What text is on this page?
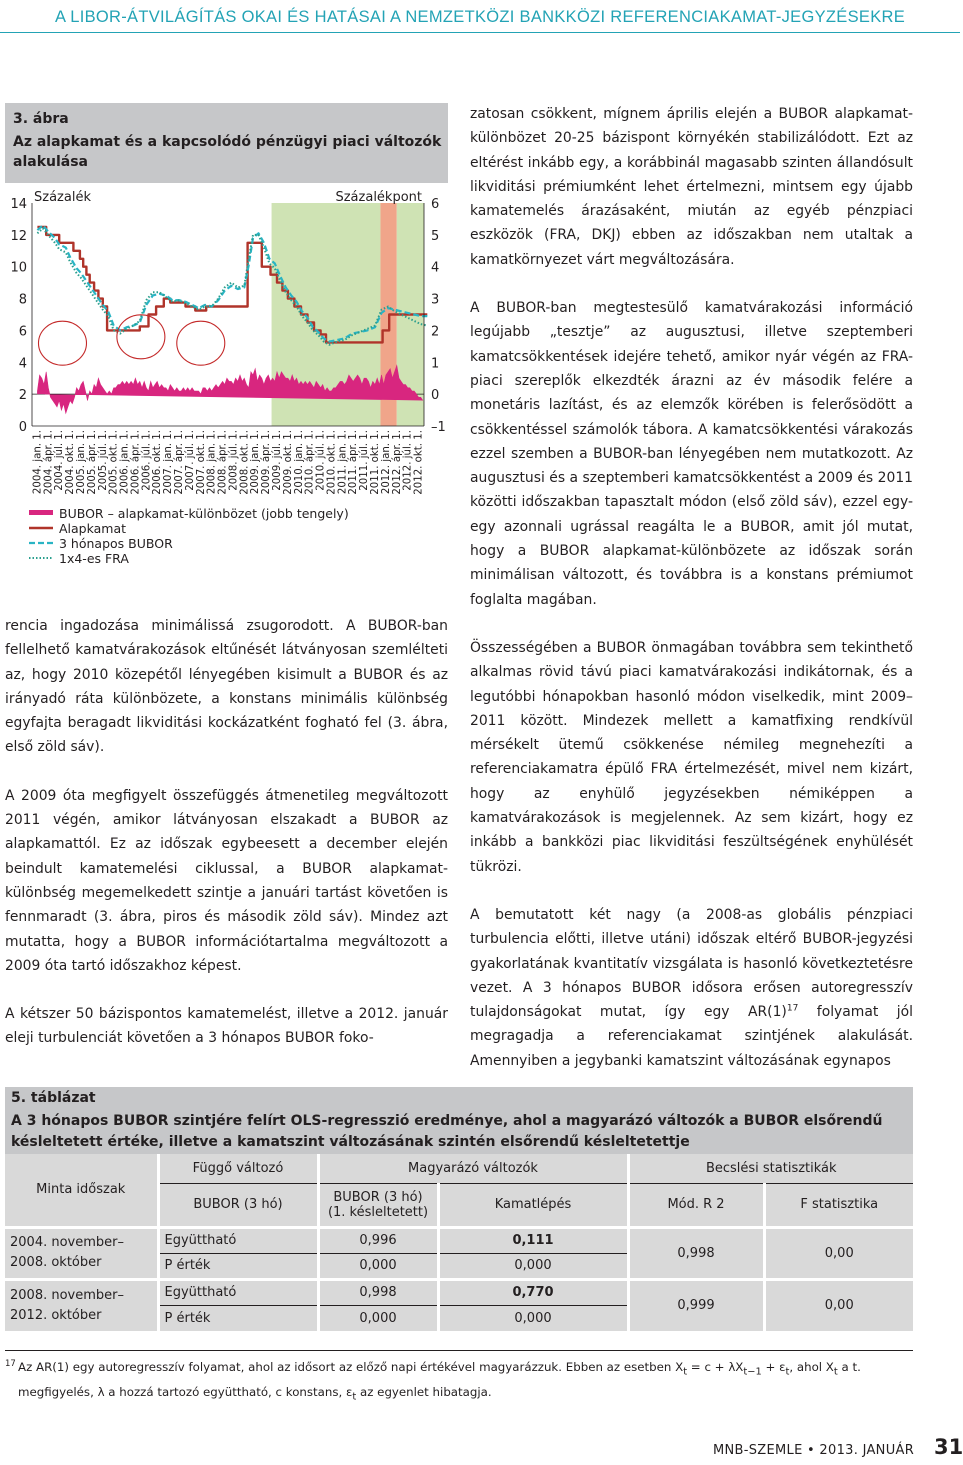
A LIBOR-ÁTVILÁGÍTÁS OKAI ÉS HATÁSAI A NEMZETKÖZI BANKKÖZI REFERENCIAKAMAT-JEGYZÉSEKRE
3. ábra
Az alapkamat és a kapcsolódó pénzügyi piaci változók alakulása
14
12
10
8
6
4
2
0
6
5
4
3
2
1
0
–1
Százalék	Százalékpont
2004. jan. 1. 2004. ápr. 1. 2004. júl. 1. 2004. okt. 1. 2005. jan. 1. 2005. ápr. 1. 2005. júl. 1. 2005. okt. 1. 2006. jan. 1. 2006. ápr. 1. 2006. júl. 1. 2006. okt. 1. 2007. jan. 1. 2007. ápr. 1. 2007. júl. 1. 2007. okt. 1. 2008. jan. 1. 2008. ápr. 1. 2008. júl. 1. 2008. okt. 1. 2009. jan. 1. 2009. ápr. 1. 2009. júl. 1. 2009. okt. 1. 2010. jan. 1. 2010. ápr. 1. 2010. júl. 1. 2010. okt. 1. 2011. jan. 1. 2011. ápr. 1. 2011. júl. 1. 2011. okt. 1. 2012. jan. 1. 2012. ápr. 1. 2012. júl. 1. 2012. okt. 1.
BUBOR – alapkamat-különbözet (jobb tengely)
Alapkamat
3 hónapos BUBOR
1x4-es FRA

rencia ingadozása minimálissá zsugorodott. A BUBOR-ban fellelhető kamatvárakozások eltűnését látványosan szemlélteti az, hogy 2010 közepétől lényegében kisimult a BUBOR és az irányadó ráta különbözete, a konstans minimális különbség egyfajta beragadt likviditási kockázatként fogható fel (3. ábra, első zöld sáv).

A 2009 óta megfigyelt összefüggés átmenetileg megváltozott 2011 végén, amikor látványosan elszakadt a BUBOR az alapkamattól. Ez az időszak egybeesett a december elején beindult kamatemelési ciklussal, a BUBOR alapkamat-különbség megemelkedett szintje a januári tartást követően is fennmaradt (3. ábra, piros és második zöld sáv). Mindez azt mutatta, hogy a BUBOR információtartalma megváltozott a 2009 óta tartó időszakhoz képest.

A kétszer 50 bázispontos kamatemelést, illetve a 2012. január eleji turbulenciát követően a 3 hónapos BUBOR foko-

zatosan csökkent, mígnem április elején a BUBOR alapkamat-különbözet 20-25 bázispont környékén stabilizálódott. Ezt az eltérést inkább egy, a korábbinál magasabb szinten állandósult likviditási prémiumként lehet értelmezni, mintsem egy újabb kamatemelés árazásaként, miután az egyéb pénzpiaci eszközök (FRA, DKJ) ebben az időszakban nem utaltak a kamatkörnyezet várt megváltozására.

A BUBOR-ban megtestesülő kamatvárakozási információ legújabb „tesztje” az augusztusi, illetve szeptemberi kamatcsökkentések idejére tehető, amikor nyár végén az FRA-piaci szereplők elkezdték árazni az év második felére a monetáris lazítást, és az elemzők körében is felerősödött a csökkentéssel számolók tábora. A kamatcsökkentési várakozás ezzel szemben a BUBOR-ban lényegében nem mutatkozott. Az augusztusi és a szeptemberi kamatcsökkentést a 2009 és 2011 közötti időszakban tapasztalt módon (első zöld sáv), ezzel egy-egy azonnali ugrással reagálta le a BUBOR, amit jól mutat, hogy a BUBOR alapkamat-különbözete az időszak során minimálisan változott, és továbbra is a konstans prémiumot foglalta magában.

Összességében a BUBOR önmagában továbbra sem tekinthető alkalmas rövid távú piaci kamatvárakozási indikátornak, és a legutóbbi hónapokban hasonló módon viselkedik, mint 2009–2011 között. Mindezek mellett a kamatfixing rendkívül mérsékelt ütemű csökkenése némileg megnehezíti a referenciakamatra épülő FRA értelmezését, mivel nem kizárt, hogy az enyhülő jegyzésekben némiképpen a kamatvárakozások is megjelennek. Az sem kizárt, hogy ez inkább a bankközi piac likviditási feszültségének enyhülését tükrözi.

A bemutatott két nagy (a 2008-as globális pénzpiaci turbulencia előtti, illetve utáni) időszak eltérő BUBOR-jegyzési gyakorlatának kvantitatív vizsgálata is hasonló következtetésre vezet. A 3 hónapos BUBOR idősora erősen autoregresszív tulajdonságokat mutat, így egy $AR(1)^{17}$ folyamat jól megragadja a referenciakamat szintjének alakulását. Amennyiben a jegybanki kamatszint változásának egynapos

5. táblázat
A 3 hónapos BUBOR szintjére felírt OLS-regresszió eredménye, ahol a magyarázó változók a BUBOR elsőrendű késleltetett értéke, illetve a kamatszint változásának szintén elsőrendű késleltetettje
Minta időszak	Függő változó	Magyarázó változók		Becslési statisztikák	
	BUBOR (3 hó)	BUBOR (3 hó)
(1. késleltetett)	Kamatlépés	Mód. R 2	F statisztika
2004. november–
2008. október	Együttható	0,996	0,111	0,998	0,00
	P érték	0,000	0,000		
2008. november–
2012. október	Együttható	0,998	0,770	0,999	0,00
	P érték	0,000	0,000		
17 Az AR(1) egy autoregresszív folyamat, ahol az idősort az előző napi értékével magyarázzuk. Ebben az esetben $X_t = c + \lambda X_{t-1} + \varepsilon_t$, ahol $X_t$ a t. megfigyelés, λ a hozzá tartozó együttható, c konstans, $\varepsilon_t$ az egyenlet hibatagja.
MNB-SZEMLE • 2013. JANUÁR 31
